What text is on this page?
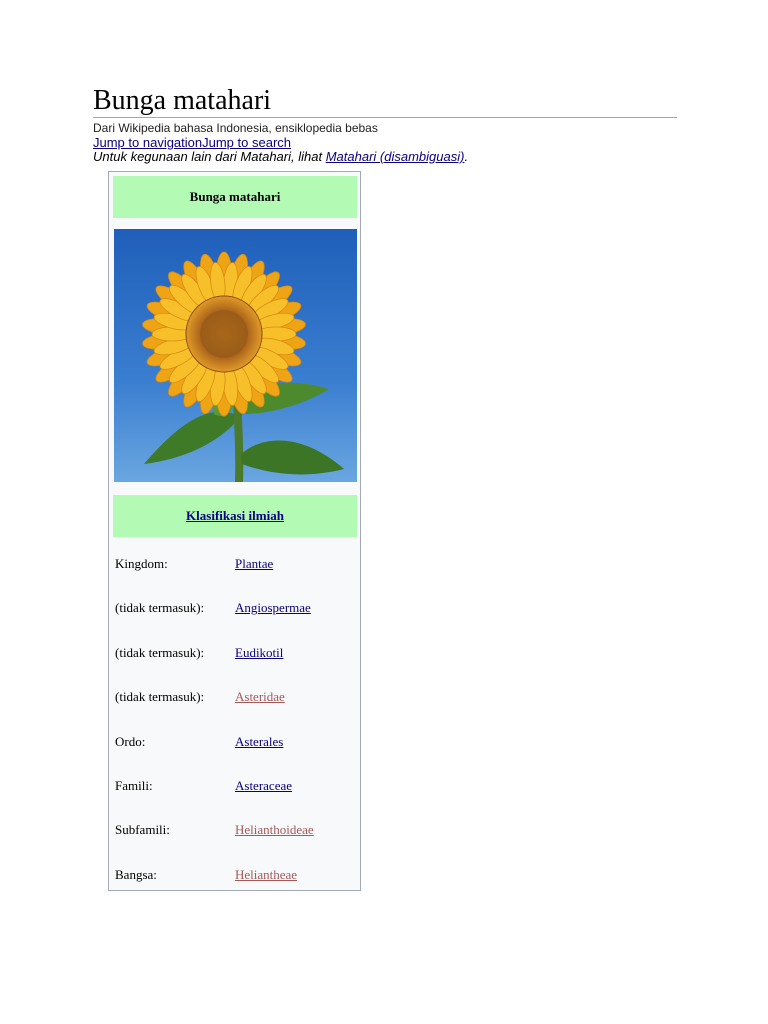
Bunga matahari
Dari Wikipedia bahasa Indonesia, ensiklopedia bebas
Jump to navigationJump to search
Untuk kegunaan lain dari Matahari, lihat Matahari (disambiguasi).
Bunga matahari
Klasifikasi ilmiah
Kingdom:	Plantae
(tidak termasuk): Angiospermae
(tidak termasuk): Eudikotil
(tidak termasuk): Asteridae
Ordo:	Asterales
Famili:	Asteraceae
Subfamili:	Helianthoideae
Bangsa:	Heliantheae
